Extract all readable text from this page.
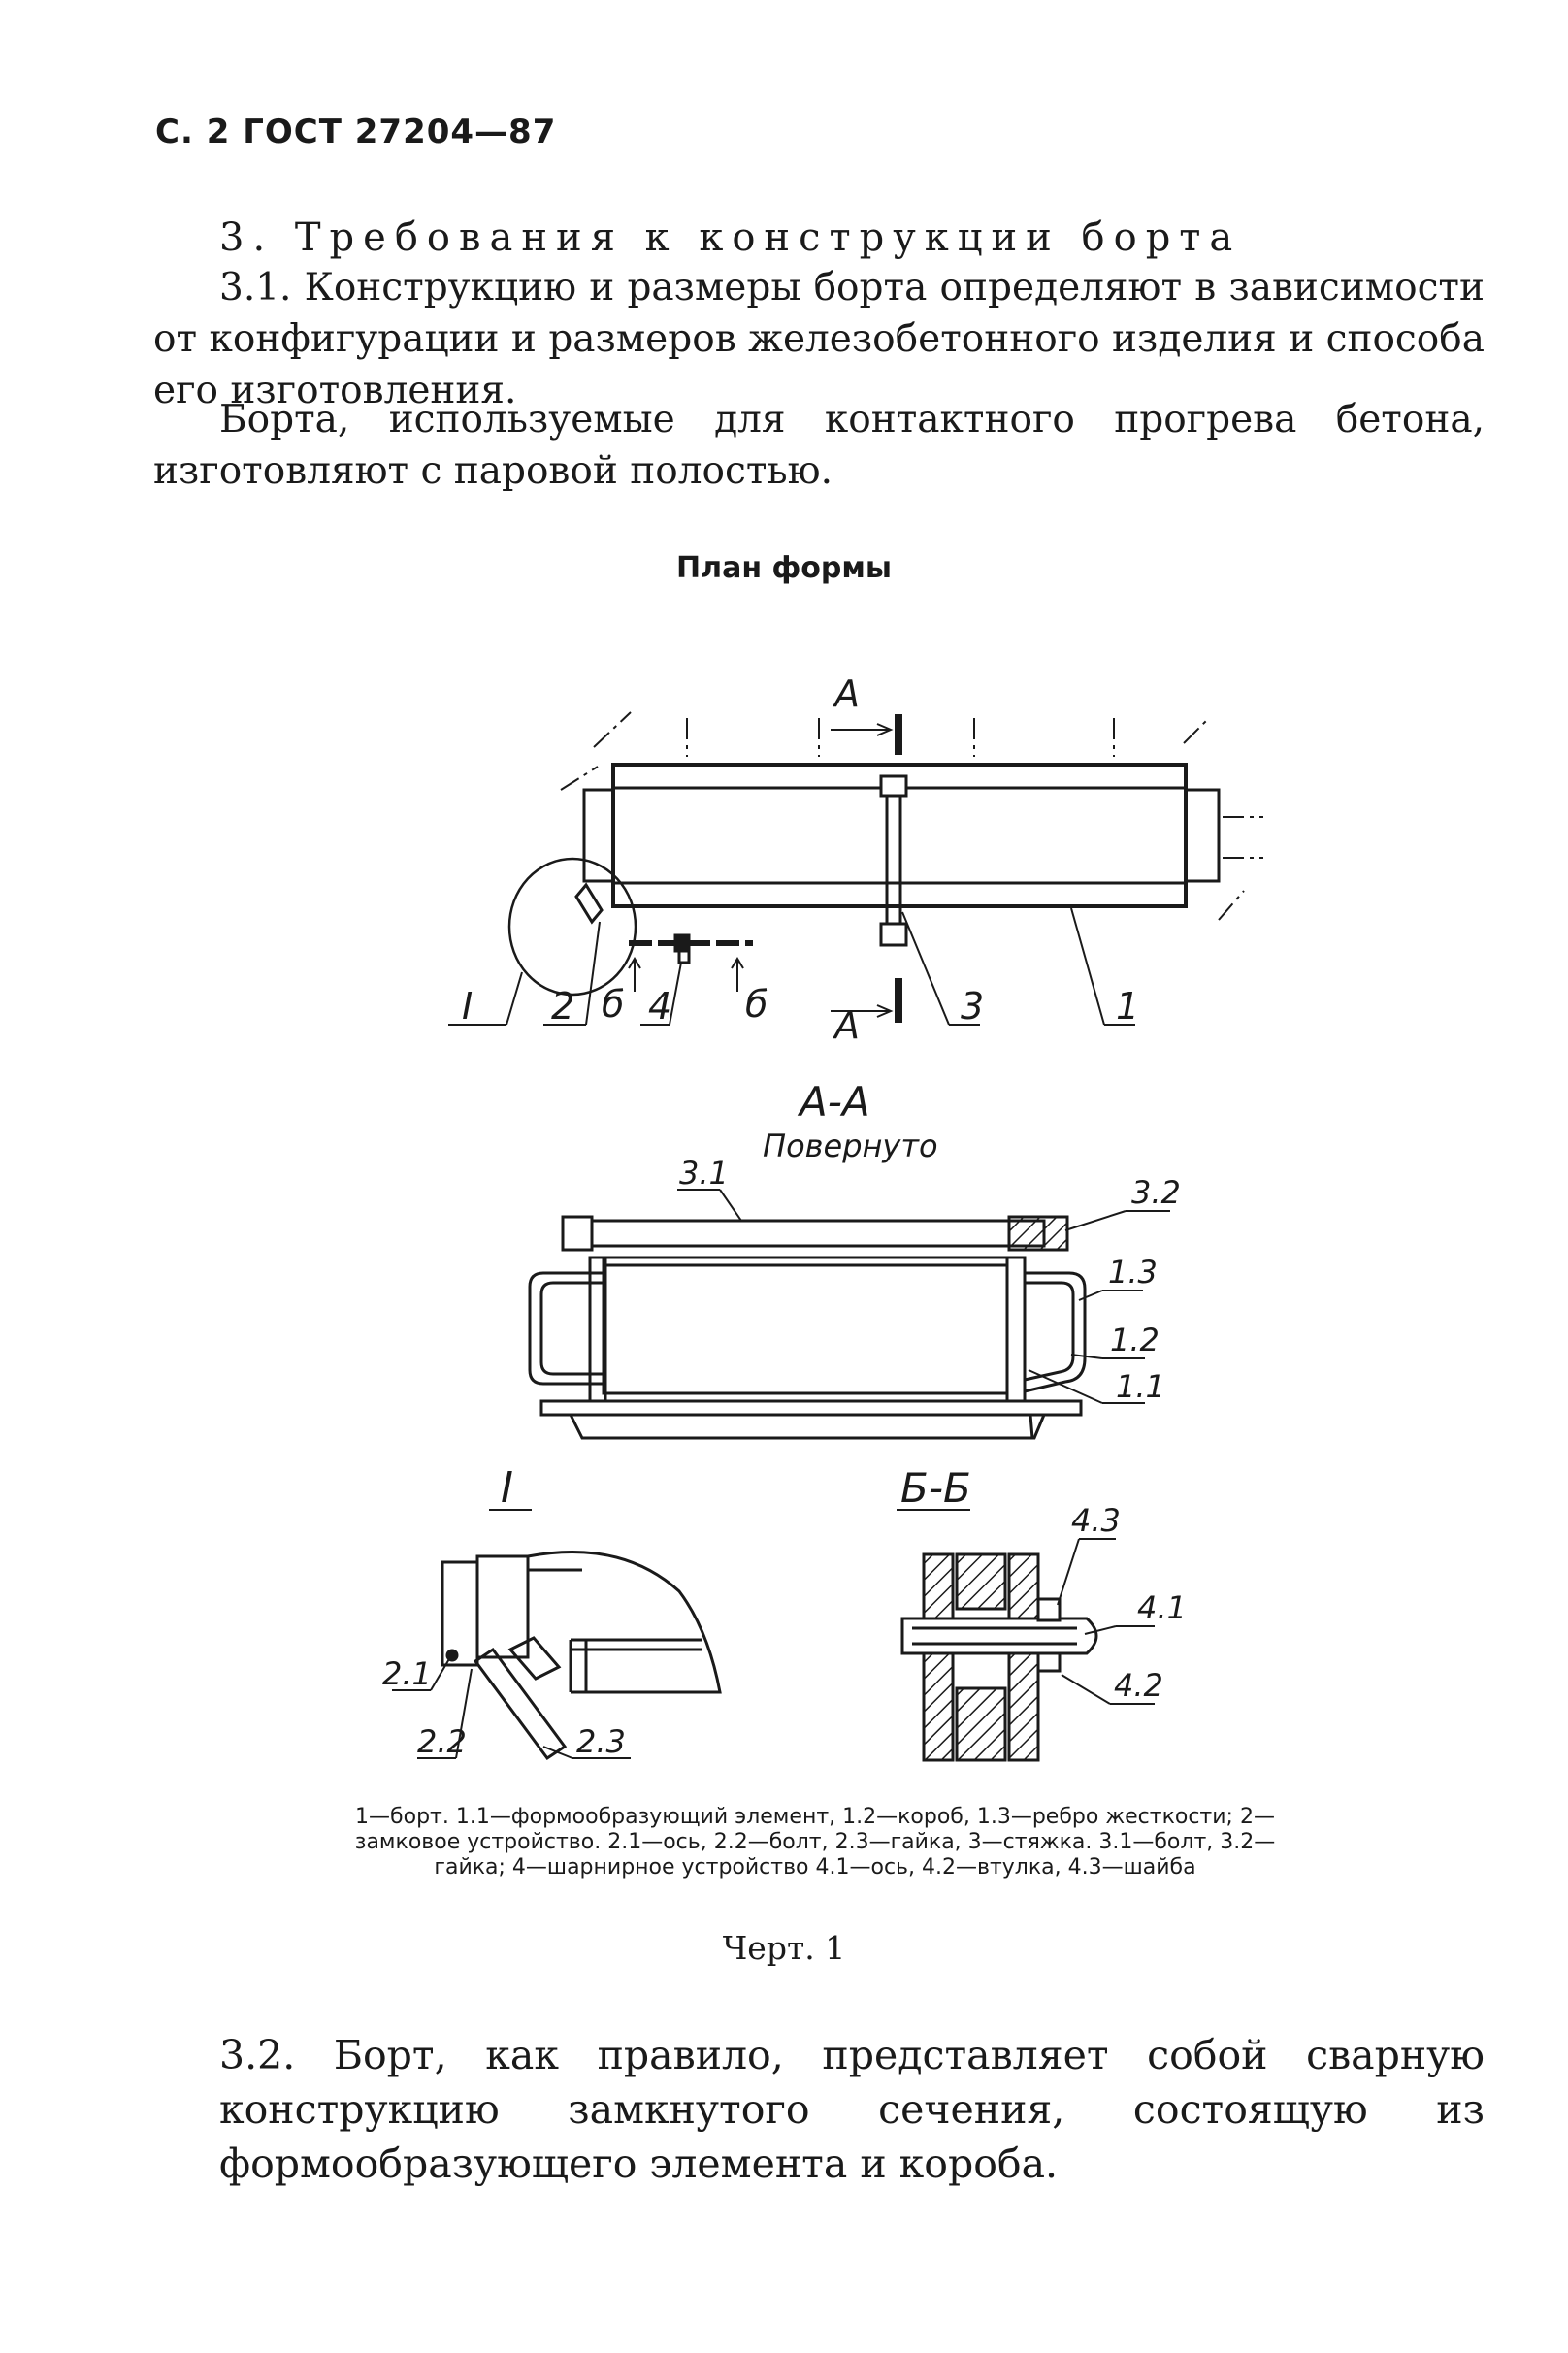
С. 2 ГОСТ 27204—87
3. Требования к конструкции борта
3.1. Конструкцию и размеры борта определяют в зависимости от конфигурации и размеров железобетонного изделия и способа его изготовления.
Борта, используемые для контактного прогрева бетона, изготовляют с паровой полостью.
План формы
А
А
б	б
I 2 4	3	1
А-А
Повернуто
3.1
3.2
1.3
1.2
1.1
I
2.1
2.2	2.3
Б-Б
4.3
4.1
4.2
1—борт. 1.1—формообразующий элемент, 1.2—короб, 1.3—ребро жесткости; 2—замковое устройство. 2.1—ось, 2.2—болт, 2.3—гайка, 3—стяжка. 3.1—болт, 3.2—гайка; 4—шарнирное устройство 4.1—ось, 4.2—втулка, 4.3—шайба
Черт. 1
3.2. Борт, как правило, представляет собой сварную конструкцию замкнутого сечения, состоящую из формообразующего элемента и короба.
